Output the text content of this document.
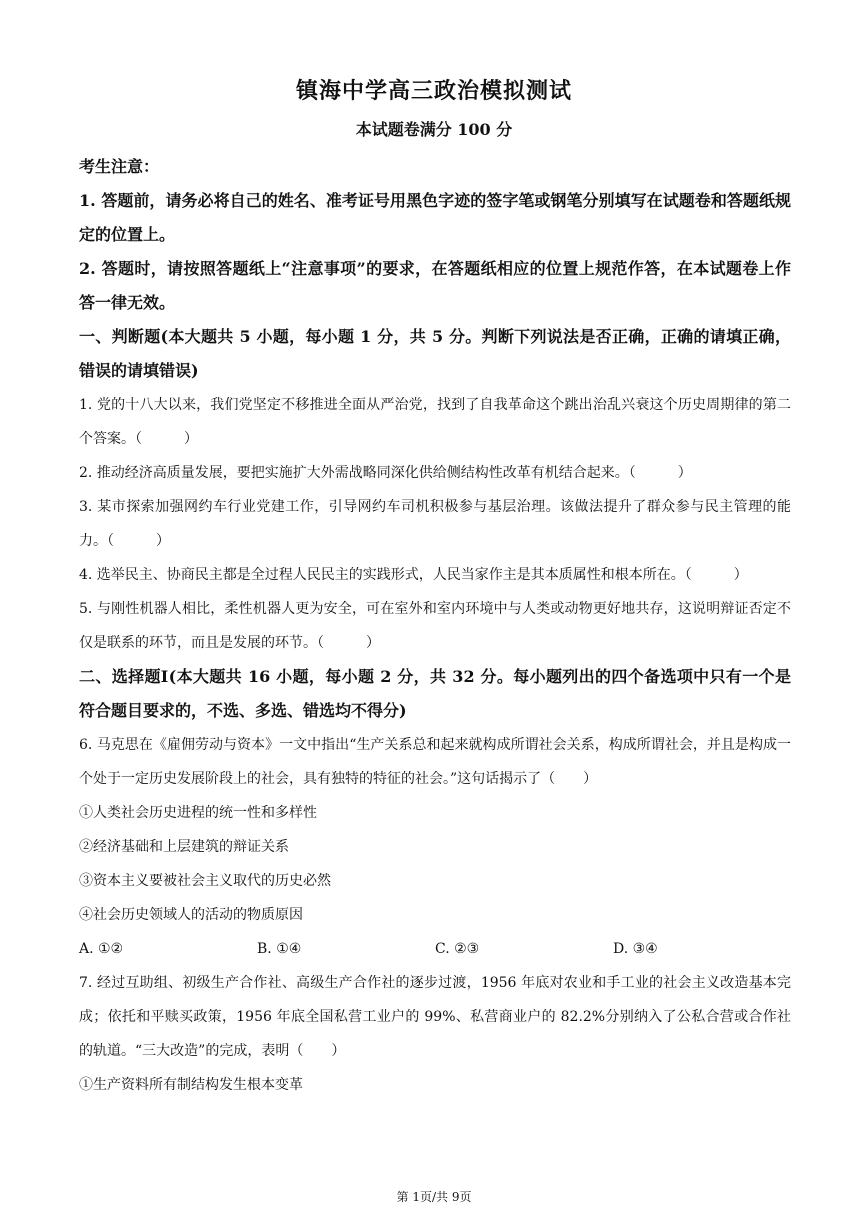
镇海中学高三政治模拟测试
本试题卷满分 100 分

考生注意：

1. 答题前，请务必将自己的姓名、准考证号用黑色字迹的签字笔或钢笔分别填写在试题卷和答题纸规定的位置上。

2. 答题时，请按照答题纸上“注意事项”的要求，在答题纸相应的位置上规范作答，在本试题卷上作答一律无效。

一、判断题(本大题共 5 小题，每小题 1 分，共 5 分。判断下列说法是否正确，正确的请填正确，错误的请填错误)

1. 党的十八大以来，我们党坚定不移推进全面从严治党，找到了自我革命这个跳出治乱兴衰这个历史周期律的第二个答案。（　　　）

2. 推动经济高质量发展，要把实施扩大外需战略同深化供给侧结构性改革有机结合起来。（　　　）

3. 某市探索加强网约车行业党建工作，引导网约车司机积极参与基层治理。该做法提升了群众参与民主管理的能力。（　　　）

4. 选举民主、协商民主都是全过程人民民主的实践形式，人民当家作主是其本质属性和根本所在。（　　　）

5. 与刚性机器人相比，柔性机器人更为安全，可在室外和室内环境中与人类或动物更好地共存，这说明辩证否定不仅是联系的环节，而且是发展的环节。（　　　）

二、选择题Ⅰ(本大题共 16 小题，每小题 2 分，共 32 分。每小题列出的四个备选项中只有一个是符合题目要求的，不选、多选、错选均不得分)

6. 马克思在《雇佣劳动与资本》一文中指出“生产关系总和起来就构成所谓社会关系，构成所谓社会，并且是构成一个处于一定历史发展阶段上的社会，具有独特的特征的社会。”这句话揭示了（　　）

①人类社会历史进程的统一性和多样性

②经济基础和上层建筑的辩证关系

③资本主义要被社会主义取代的历史必然

④社会历史领域人的活动的物质原因

A. ①②	B. ①④	C. ②③	D. ③④

7. 经过互助组、初级生产合作社、高级生产合作社的逐步过渡，1956 年底对农业和手工业的社会主义改造基本完成；依托和平赎买政策，1956 年底全国私营工业户的 99%、私营商业户的 82.2%分别纳入了公私合营或合作社的轨道。“三大改造”的完成，表明（　　）

①生产资料所有制结构发生根本变革

第 1页/共 9页
